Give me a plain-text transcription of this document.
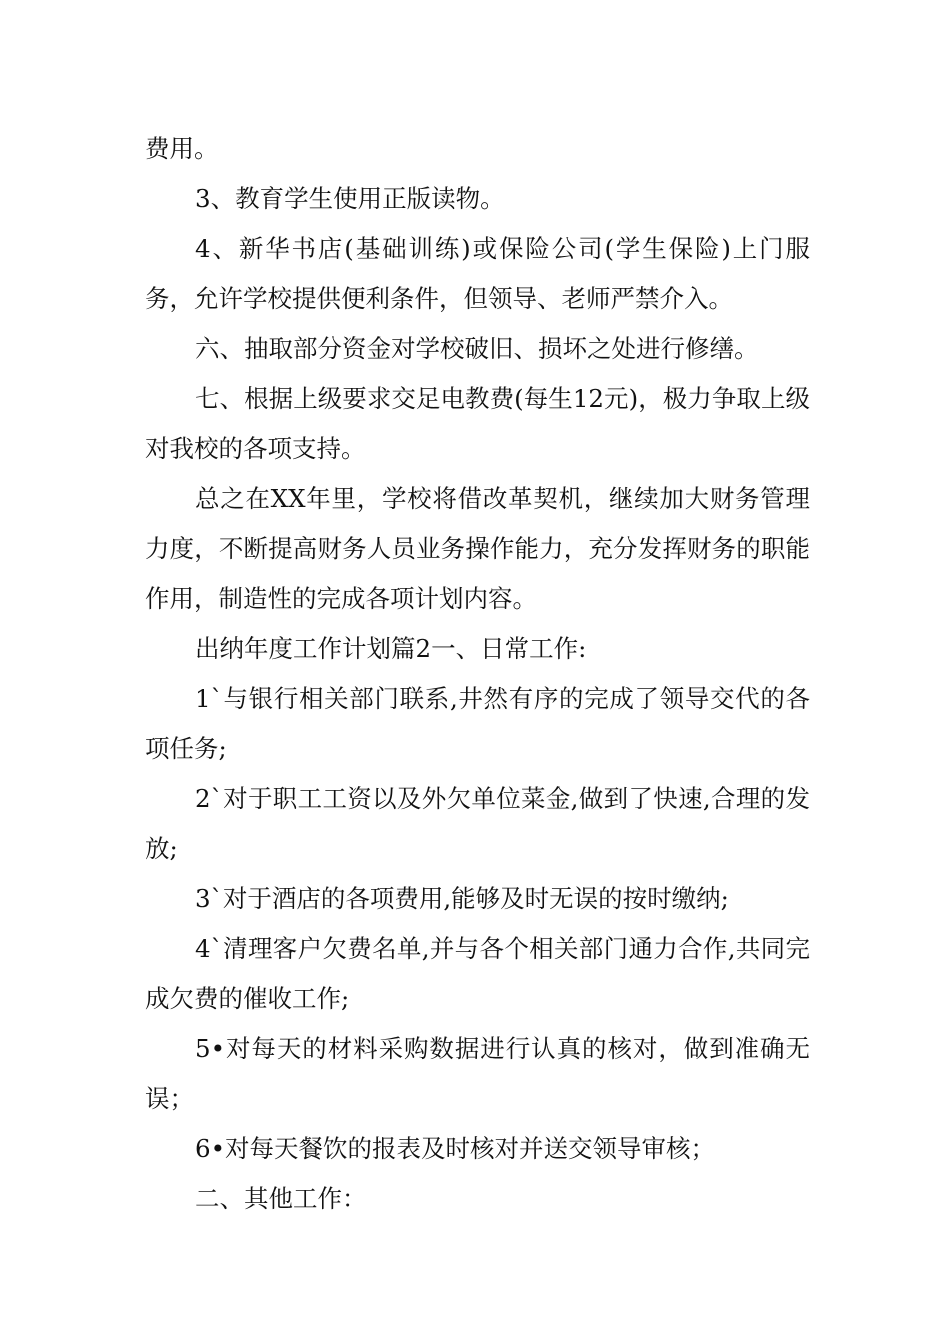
费用。

3、教育学生使用正版读物。

4、新华书店(基础训练)或保险公司(学生保险)上门服务，允许学校提供便利条件，但领导、老师严禁介入。

六、抽取部分资金对学校破旧、损坏之处进行修缮。

七、根据上级要求交足电教费(每生12元)，极力争取上级对我校的各项支持。

总之在XX年里，学校将借改革契机，继续加大财务管理力度，不断提高财务人员业务操作能力，充分发挥财务的职能作用，制造性的完成各项计划内容。

出纳年度工作计划篇2一、日常工作:

1`与银行相关部门联系,井然有序的完成了领导交代的各项任务;

2`对于职工工资以及外欠单位菜金,做到了快速,合理的发放;

3`对于酒店的各项费用,能够及时无误的按时缴纳;

4`清理客户欠费名单,并与各个相关部门通力合作,共同完成欠费的催收工作;

5•对每天的材料采购数据进行认真的核对，做到准确无误；

6•对每天餐饮的报表及时核对并送交领导审核；

二、其他工作：
